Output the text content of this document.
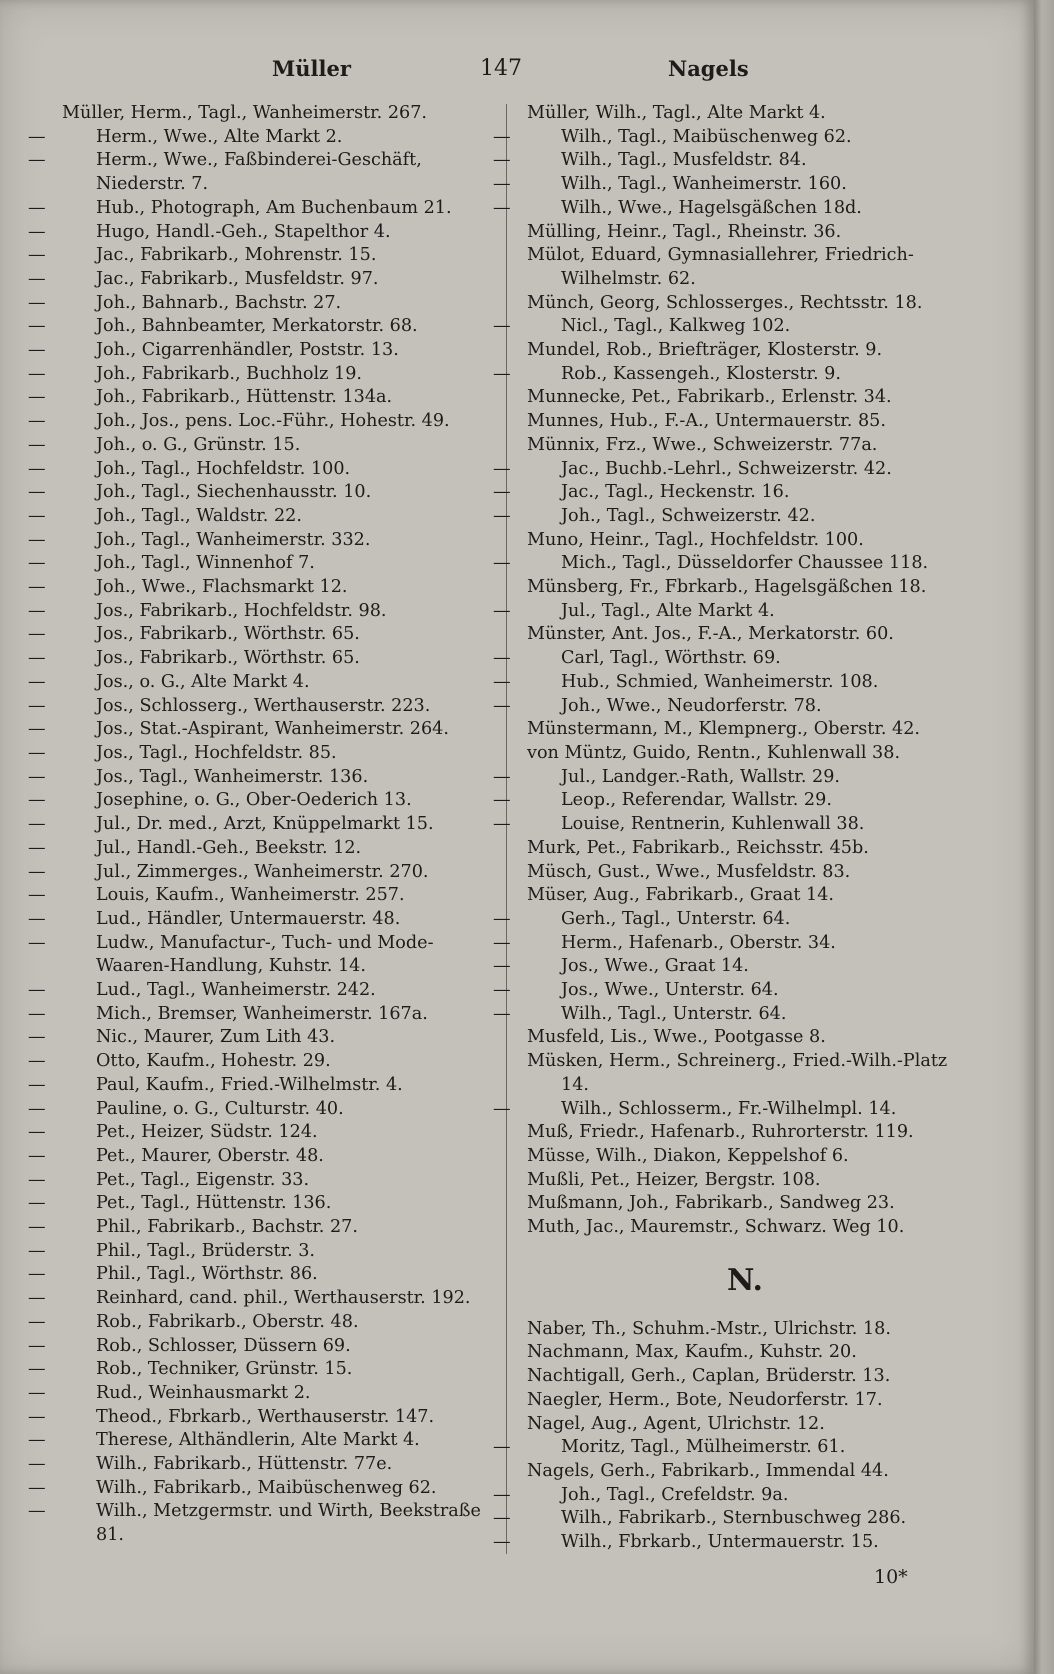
Müller	147	Nagels
Müller, Herm., Tagl., Wanheimerstr. 267.
—	Herm., Wwe., Alte Markt 2.
—	Herm., Wwe., Faßbinderei-Geschäft, Niederstr. 7.
—	Hub., Photograph, Am Buchenbaum 21.
—	Hugo, Handl.-Geh., Stapelthor 4.
—	Jac., Fabrikarb., Mohrenstr. 15.
—	Jac., Fabrikarb., Musfeldstr. 97.
—	Joh., Bahnarb., Bachstr. 27.
—	Joh., Bahnbeamter, Merkatorstr. 68.
—	Joh., Cigarrenhändler, Poststr. 13.
—	Joh., Fabrikarb., Buchholz 19.
—	Joh., Fabrikarb., Hüttenstr. 134a.
—	Joh., Jos., pens. Loc.-Führ., Hohestr. 49.
—	Joh., o. G., Grünstr. 15.
—	Joh., Tagl., Hochfeldstr. 100.
—	Joh., Tagl., Siechenhausstr. 10.
—	Joh., Tagl., Waldstr. 22.
—	Joh., Tagl., Wanheimerstr. 332.
—	Joh., Tagl., Winnenhof 7.
—	Joh., Wwe., Flachsmarkt 12.
—	Jos., Fabrikarb., Hochfeldstr. 98.
—	Jos., Fabrikarb., Wörthstr. 65.
—	Jos., Fabrikarb., Wörthstr. 65.
—	Jos., o. G., Alte Markt 4.
—	Jos., Schlosserg., Werthauserstr. 223.
—	Jos., Stat.-Aspirant, Wanheimerstr. 264.
—	Jos., Tagl., Hochfeldstr. 85.
—	Jos., Tagl., Wanheimerstr. 136.
—	Josephine, o. G., Ober-Oederich 13.
—	Jul., Dr. med., Arzt, Knüppelmarkt 15.
—	Jul., Handl.-Geh., Beekstr. 12.
—	Jul., Zimmerges., Wanheimerstr. 270.
—	Louis, Kaufm., Wanheimerstr. 257.
—	Lud., Händler, Untermauerstr. 48.
—	Ludw., Manufactur-, Tuch- und Mode-Waaren-Handlung, Kuhstr. 14.
—	Lud., Tagl., Wanheimerstr. 242.
—	Mich., Bremser, Wanheimerstr. 167a.
—	Nic., Maurer, Zum Lith 43.
—	Otto, Kaufm., Hohestr. 29.
—	Paul, Kaufm., Fried.-Wilhelmstr. 4.
—	Pauline, o. G., Culturstr. 40.
—	Pet., Heizer, Südstr. 124.
—	Pet., Maurer, Oberstr. 48.
—	Pet., Tagl., Eigenstr. 33.
—	Pet., Tagl., Hüttenstr. 136.
—	Phil., Fabrikarb., Bachstr. 27.
—	Phil., Tagl., Brüderstr. 3.
—	Phil., Tagl., Wörthstr. 86.
—	Reinhard, cand. phil., Werthauserstr. 192.
—	Rob., Fabrikarb., Oberstr. 48.
—	Rob., Schlosser, Düssern 69.
—	Rob., Techniker, Grünstr. 15.
—	Rud., Weinhausmarkt 2.
—	Theod., Fbrkarb., Werthauserstr. 147.
—	Therese, Althändlerin, Alte Markt 4.
—	Wilh., Fabrikarb., Hüttenstr. 77e.
—	Wilh., Fabrikarb., Maibüschenweg 62.
—	Wilh., Metzgermstr. und Wirth, Beekstraße 81.
Müller, Wilh., Tagl., Alte Markt 4.
—	Wilh., Tagl., Maibüschenweg 62.
—	Wilh., Tagl., Musfeldstr. 84.
—	Wilh., Tagl., Wanheimerstr. 160.
—	Wilh., Wwe., Hagelsgäßchen 18d.
Mülling, Heinr., Tagl., Rheinstr. 36.
Mülot, Eduard, Gymnasiallehrer, Friedrich-Wilhelmstr. 62.
Münch, Georg, Schlosserges., Rechtsstr. 18.
—	Nicl., Tagl., Kalkweg 102.
Mundel, Rob., Briefträger, Klosterstr. 9.
—	Rob., Kassengeh., Klosterstr. 9.
Munnecke, Pet., Fabrikarb., Erlenstr. 34.
Munnes, Hub., F.-A., Untermauerstr. 85.
Münnix, Frz., Wwe., Schweizerstr. 77a.
—	Jac., Buchb.-Lehrl., Schweizerstr. 42.
—	Jac., Tagl., Heckenstr. 16.
—	Joh., Tagl., Schweizerstr. 42.
Muno, Heinr., Tagl., Hochfeldstr. 100.
—	Mich., Tagl., Düsseldorfer Chaussee 118.
Münsberg, Fr., Fbrkarb., Hagelsgäßchen 18.
—	Jul., Tagl., Alte Markt 4.
Münster, Ant. Jos., F.-A., Merkatorstr. 60.
—	Carl, Tagl., Wörthstr. 69.
—	Hub., Schmied, Wanheimerstr. 108.
—	Joh., Wwe., Neudorferstr. 78.
Münstermann, M., Klempnerg., Oberstr. 42.
von Müntz, Guido, Rentn., Kuhlenwall 38.
—	Jul., Landger.-Rath, Wallstr. 29.
—	Leop., Referendar, Wallstr. 29.
—	Louise, Rentnerin, Kuhlenwall 38.
Murk, Pet., Fabrikarb., Reichsstr. 45b.
Müsch, Gust., Wwe., Musfeldstr. 83.
Müser, Aug., Fabrikarb., Graat 14.
—	Gerh., Tagl., Unterstr. 64.
—	Herm., Hafenarb., Oberstr. 34.
—	Jos., Wwe., Graat 14.
—	Jos., Wwe., Unterstr. 64.
—	Wilh., Tagl., Unterstr. 64.
Musfeld, Lis., Wwe., Pootgasse 8.
Müsken, Herm., Schreinerg., Fried.-Wilh.-Platz 14.
—	Wilh., Schlosserm., Fr.-Wilhelmpl. 14.
Muß, Friedr., Hafenarb., Ruhrorterstr. 119.
Müsse, Wilh., Diakon, Keppelshof 6.
Mußli, Pet., Heizer, Bergstr. 108.
Mußmann, Joh., Fabrikarb., Sandweg 23.
Muth, Jac., Mauremstr., Schwarz. Weg 10.
N.
Naber, Th., Schuhm.-Mstr., Ulrichstr. 18.
Nachmann, Max, Kaufm., Kuhstr. 20.
Nachtigall, Gerh., Caplan, Brüderstr. 13.
Naegler, Herm., Bote, Neudorferstr. 17.
Nagel, Aug., Agent, Ulrichstr. 12.
—	Moritz, Tagl., Mülheimerstr. 61.
Nagels, Gerh., Fabrikarb., Immendal 44.
—	Joh., Tagl., Crefeldstr. 9a.
—	Wilh., Fabrikarb., Sternbuschweg 286.
—	Wilh., Fbrkarb., Untermauerstr. 15.
10*
